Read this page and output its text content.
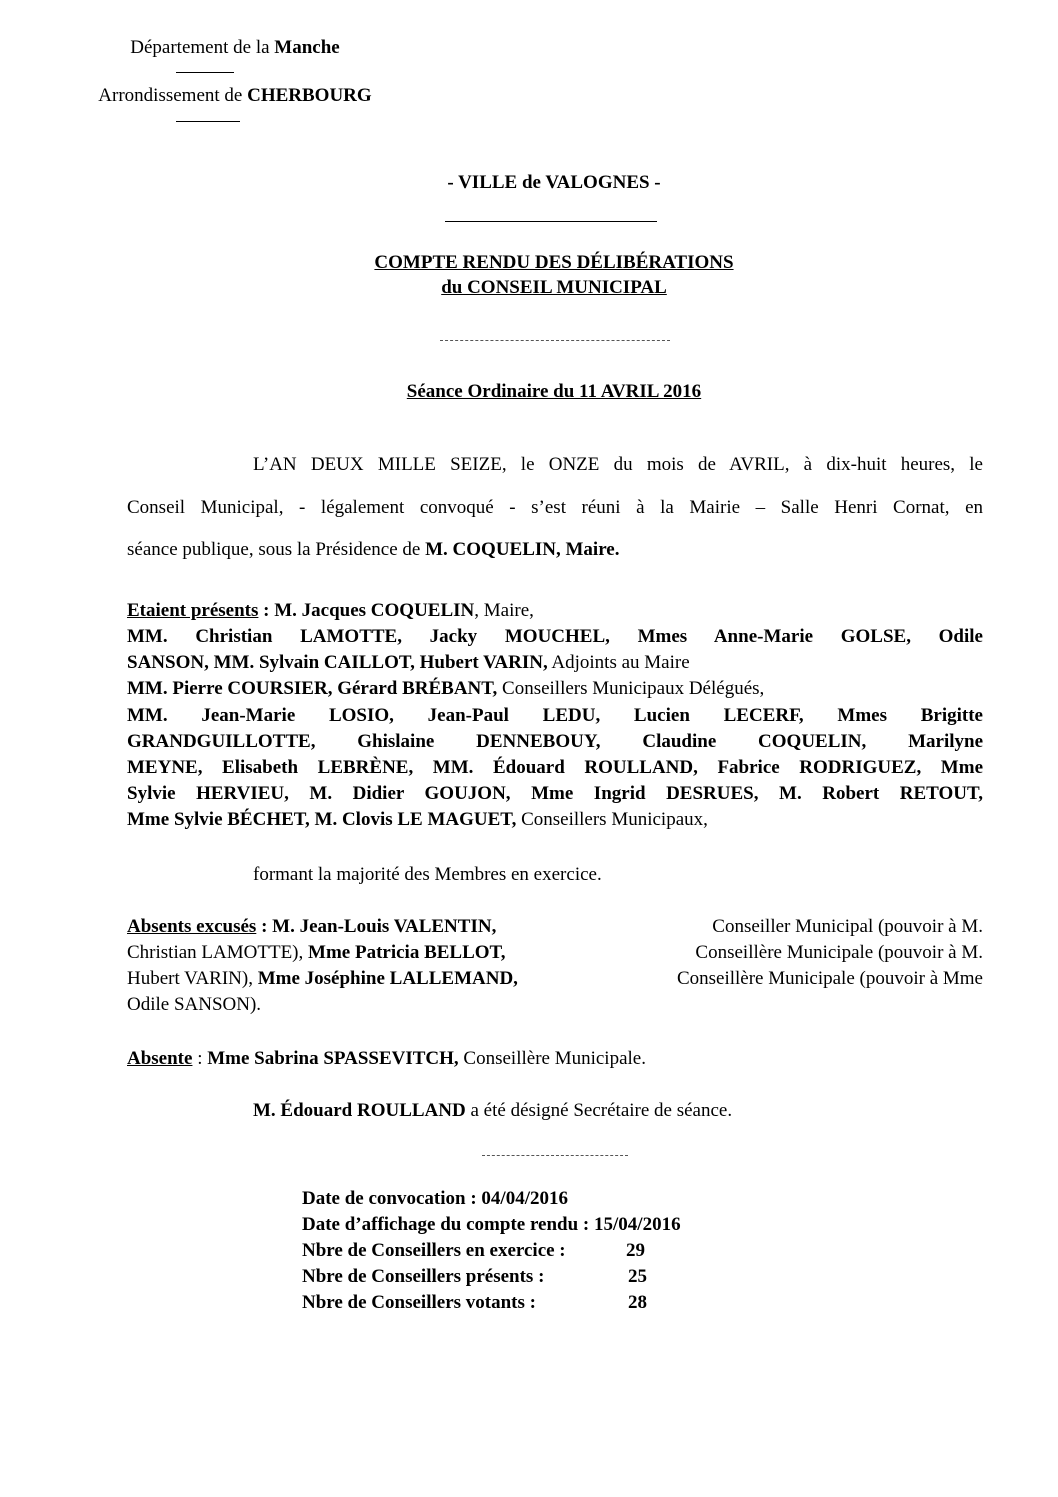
Département de la Manche
Arrondissement de CHERBOURG
- VILLE de VALOGNES -
COMPTE RENDU DES DÉLIBÉRATIONS
du CONSEIL MUNICIPAL
Séance Ordinaire du 11 AVRIL 2016
L’AN DEUX MILLE SEIZE, le ONZE du mois de AVRIL, à dix-huit heures, le
Conseil Municipal, - légalement convoqué - s’est réuni à la Mairie – Salle Henri Cornat, en
séance publique, sous la Présidence de M. COQUELIN, Maire.
Etaient présents : M. Jacques COQUELIN, Maire,
MM. Christian LAMOTTE, Jacky MOUCHEL, Mmes Anne-Marie GOLSE, Odile
SANSON, MM. Sylvain CAILLOT, Hubert VARIN, Adjoints au Maire
MM. Pierre COURSIER, Gérard BRÉBANT, Conseillers Municipaux Délégués,
MM. Jean-Marie LOSIO, Jean-Paul LEDU, Lucien LECERF, Mmes Brigitte
GRANDGUILLOTTE, Ghislaine DENNEBOUY, Claudine COQUELIN, Marilyne
MEYNE, Elisabeth LEBRÈNE, MM. Édouard ROULLAND, Fabrice RODRIGUEZ, Mme
Sylvie HERVIEU, M. Didier GOUJON, Mme Ingrid DESRUES, M. Robert RETOUT,
Mme Sylvie BÉCHET, M. Clovis LE MAGUET, Conseillers Municipaux,
formant la majorité des Membres en exercice.
Absents excusés : M. Jean-Louis VALENTIN,	Conseiller Municipal (pouvoir à M.
Christian LAMOTTE), Mme Patricia BELLOT,	Conseillère Municipale (pouvoir à M.
Hubert VARIN), Mme Joséphine LALLEMAND,	Conseillère Municipale (pouvoir à Mme
Odile SANSON).
Absente : Mme Sabrina SPASSEVITCH, Conseillère Municipale.
M. Édouard ROULLAND a été désigné Secrétaire de séance.
Date de convocation : 04/04/2016
Date d’affichage du compte rendu : 15/04/2016
Nbre de Conseillers en exercice :	29
Nbre de Conseillers présents :	25
Nbre de Conseillers votants :	28
